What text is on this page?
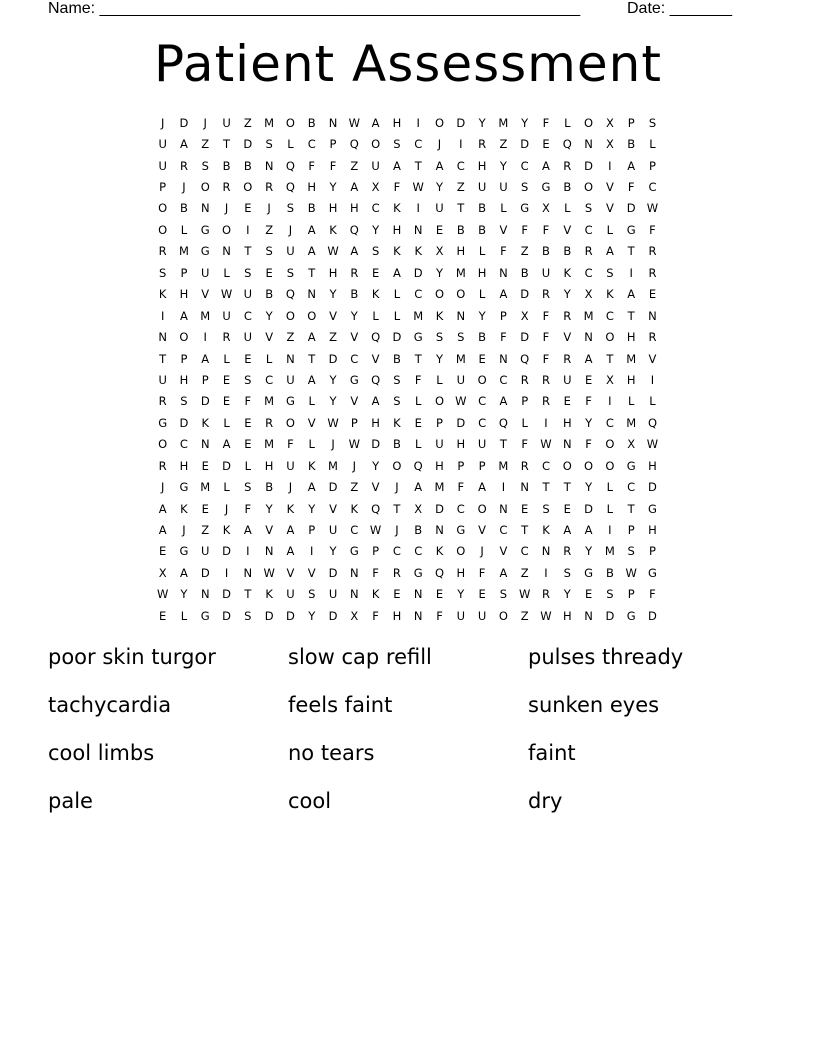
Name: ______________________________________________________	Date: _______
Patient Assessment
J	D	J	U	Z	M	O	B	N W	A	H	I	O	D	Y	M	Y	F	L	O	X	P	S
U	A	Z	T	D	S	L	C	P	Q	O	S	C	J	I	R	Z	D	E	Q	N	X	B	L
U	R	S	B	B	N	Q	F	F	Z	U	A	T	A	C	H	Y	C	A	R	D	I	A	P
P	J	O	R	O	R	Q	H	Y	A	X	F	W	Y	Z	U	U	S	G	B	O	V	F	C
O	B	N	J	E	J	S	B	H	H	C	K	I	U	T	B	L	G	X	L	S	V	D W
O	L	G	O	I	Z	J	A	K	Q	Y	H	N	E	B	B	V	F	F	V	C	L	G	F
R	M	G	N	T	S	U	A	W	A	S	K	K	X	H	L	F	Z	B	B	R	A	T	R
S	P	U	L	S	E	S	T	H	R	E	A	D	Y	M	H	N	B	U	K	C	S	I	R
K	H	V	W U	B	Q	N	Y	B	K	L	C	O	O	L	A	D	R	Y	X	K	A	E
I	A	M	U	C	Y	O	O	V	Y	L	L	M	K	N	Y	P	X	F	R	M	C	T	N
N	O	I	R	U	V	Z	A	Z	V	Q	D	G	S	S	B	F	D	F	V	N	O	H	R
T	P	A	L	E	L	N	T	D	C	V	B	T	Y	M	E	N	Q	F	R	A	T	M	V
U	H	P	E	S	C	U	A	Y	G	Q	S	F	L	U	O	C	R	R	U	E	X	H	I
R	S	D	E	F	M	G	L	Y	V	A	S	L	O W	C	A	P	R	E	F	I	L	L
G	D	K	L	E	R	O	V	W	P	H	K	E	P	D	C	Q	L	I	H	Y	C	M	Q
O	C	N	A	E	M	F	L	J	W D	B	L	U	H	U	T	F	W N	F	O	X	W
R	H	E	D	L	H	U	K	M	J	Y	O	Q	H	P	P	M	R	C	O	O	O	G	H
J	G	M	L	S	B	J	A	D	Z	V	J	A	M	F	A	I	N	T	T	Y	L	C	D
A	K	E	J	F	Y	K	Y	V	K	Q	T	X	D	C	O	N	E	S	E	D	L	T	G
A	J	Z	K	A	V	A	P	U	C	W	J	B	N	G	V	C	T	K	A	A	I	P	H
E	G	U	D	I	N	A	I	Y	G	P	C	C	K	O	J	V	C	N	R	Y	M	S	P
X	A	D	I	N W	V	V	D	N	F	R	G	Q	H	F	A	Z	I	S	G	B	W G
W	Y	N	D	T	K	U	S	U	N	K	E	N	E	Y	E	S	W	R	Y	E	S	P	F
E	L	G	D	S	D	D	Y	D	X	F	H	N	F	U	U	O	Z	W H	N	D	G	D
poor skin turgor	slow cap refill	pulses thready
tachycardia	feels faint	sunken eyes
cool limbs	no tears	faint
pale	cool	dry
